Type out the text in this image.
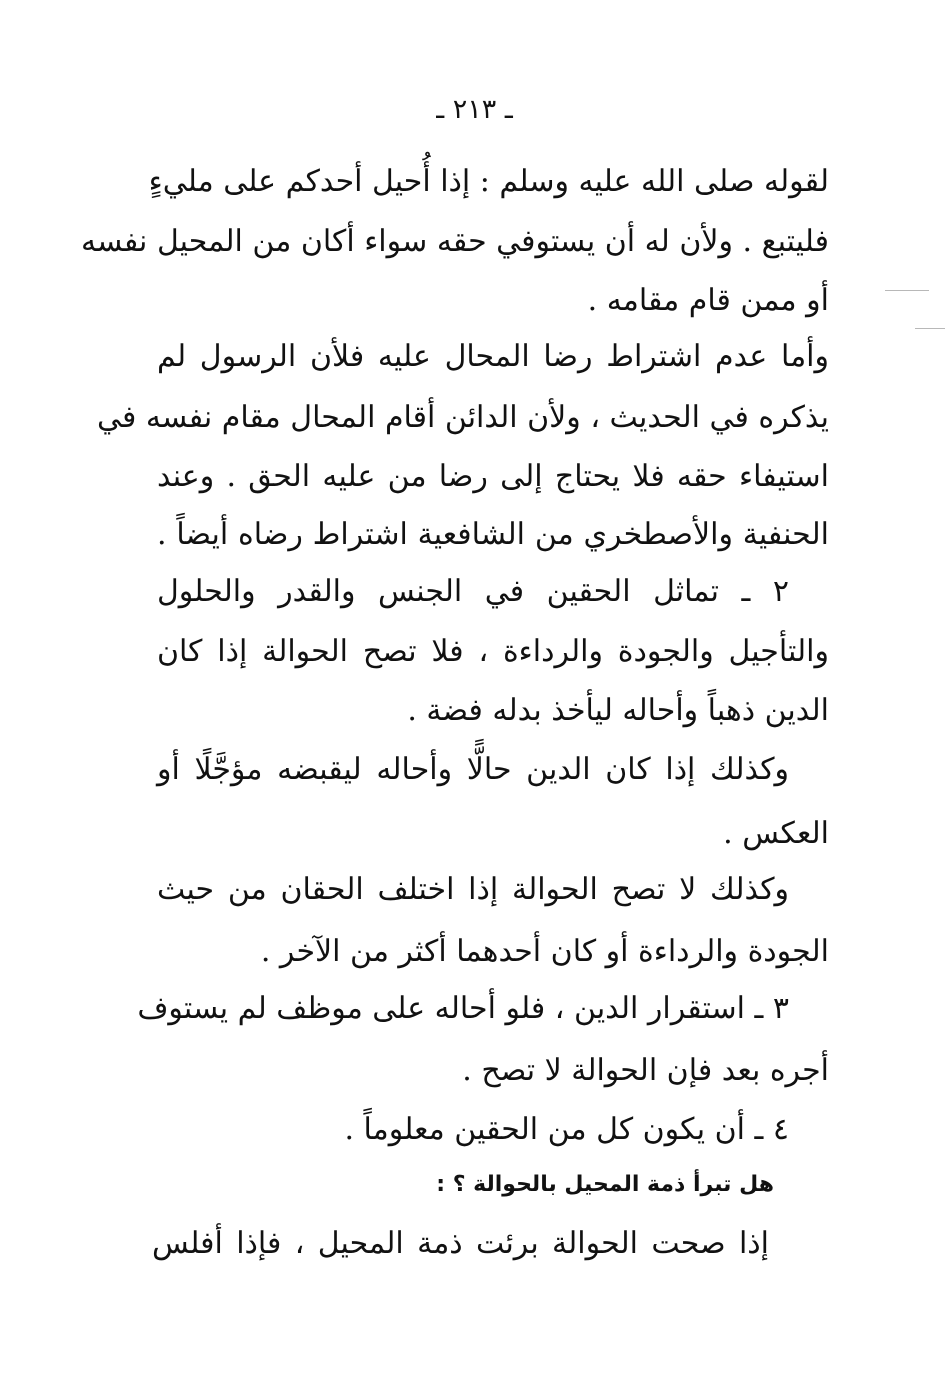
ـ ٢١٣ ـ
لقوله صلى الله عليه وسلم : إذا أُحيل أحدكم على مليءٍ
فليتبع . ولأن له أن يستوفي حقه سواء أكان من المحيل نفسه
أو ممن قام مقامه .
وأما عدم اشتراط رضا المحال عليه فلأن الرسول لم
يذكره في الحديث ، ولأن الدائن أقام المحال مقام نفسه في
استيفاء حقه فلا يحتاج إلى رضا من عليه الحق . وعند
الحنفية والأصطخري من الشافعية اشتراط رضاه أيضاً .
٢ ـ تماثل الحقين في الجنس والقدر والحلول
والتأجيل والجودة والرداءة ، فلا تصح الحوالة إذا كان
الدين ذهباً وأحاله ليأخذ بدله فضة .
وكذلك إذا كان الدين حالًّا وأحاله ليقبضه مؤجَّلًا أو
العكس .
وكذلك لا تصح الحوالة إذا اختلف الحقان من حيث
الجودة والرداءة أو كان أحدهما أكثر من الآخر .
٣ ـ استقرار الدين ، فلو أحاله على موظف لم يستوف
أجره بعد فإن الحوالة لا تصح .
٤ ـ أن يكون كل من الحقين معلوماً .
هل تبرأ ذمة المحيل بالحوالة ؟ :
إذا صحت الحوالة برئت ذمة المحيل ، فإذا أفلس
